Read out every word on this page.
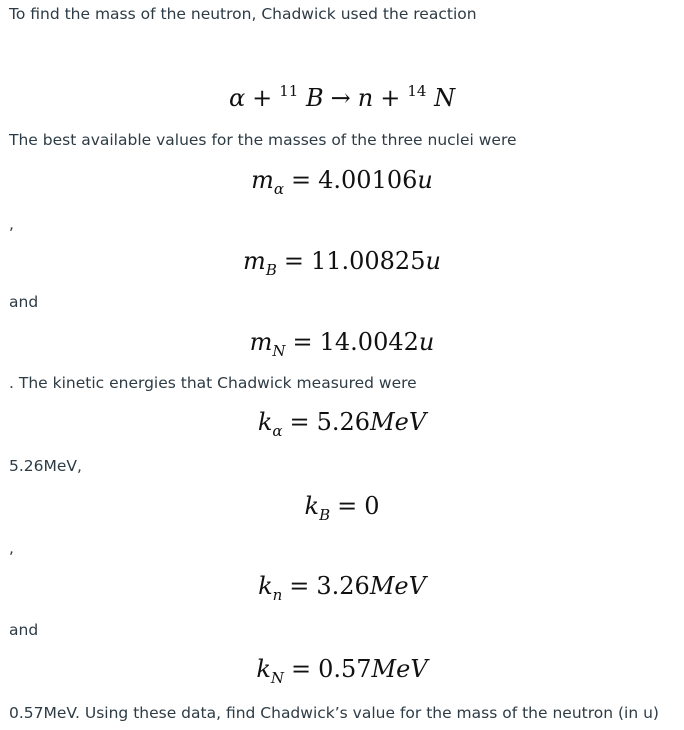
To find the mass of the neutron, Chadwick used the reaction
α + $^{11}$ B → n + $^{14}$ N
The best available values for the masses of the three nuclei were
$m_\alpha = 4.00106u$
,
$m_B = 11.00825u$
and
$m_N = 14.0042u$
. The kinetic energies that Chadwick measured were
$k_\alpha = 5.26MeV$
5.26MeV,
$k_B = 0$
,
$k_n = 3.26MeV$
and
$k_N = 0.57MeV$
0.57MeV. Using these data, find Chadwick’s value for the mass of the neutron (in u)
